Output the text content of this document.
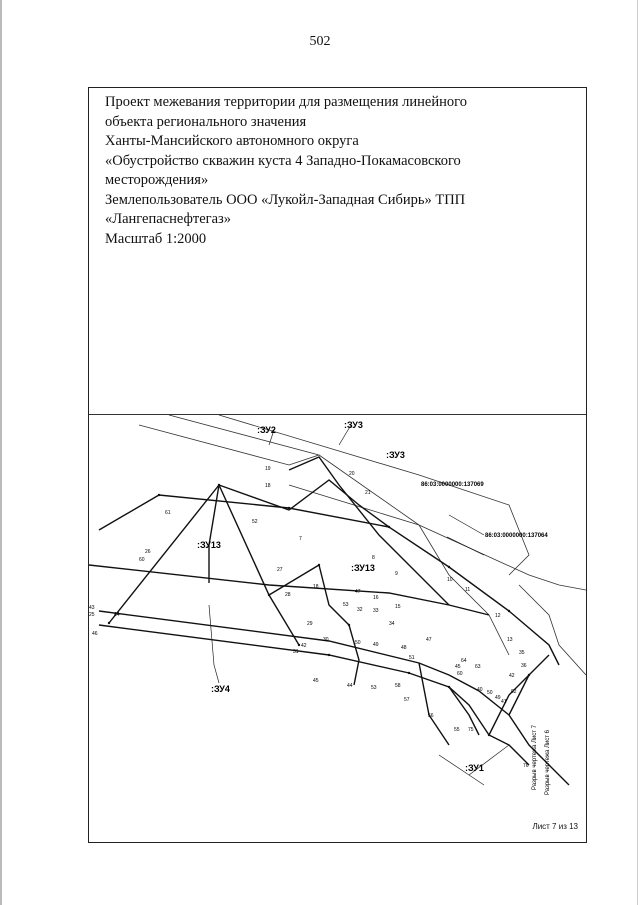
502
Проект межевания территории для размещения линейного
объекта регионального значения
Ханты-Мансийского автономного округа
«Обустройство скважин куста 4 Западно-Покамасовского
месторождения»
Землепользователь ООО «Лукойл-Западная Сибирь» ТПП
«Лангепаснефтегаз»
Масштаб 1:2000
:ЗУ2	:ЗУ3
:ЗУ3
:ЗУ13
:ЗУ13
:ЗУ4
:ЗУ1
86:03:0000000:137069
86:03:0000000:137064
Разрыв чертежа Лист 7 Разрыв чертежа Лист 6
19
18
20
21
61
52
26
60
27
28
18
53
47
16
32 33
15
34
8
9
10
11
12
13
35
36
43
25	64
46
29
42
30
51
50 49	48
47
45
64
63
42
41
40
44	53	58
57
56
55 75
76
31
45
7
50
49
60
62
Лист 7 из 13
